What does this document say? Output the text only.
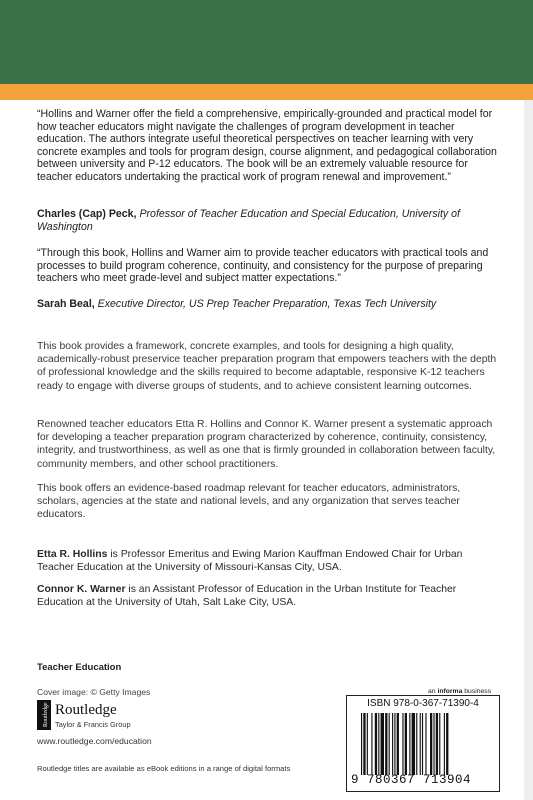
“Hollins and Warner offer the field a comprehensive, empirically-grounded and practical model for how teacher educators might navigate the challenges of program development in teacher education. The authors integrate useful theoretical perspectives on teacher learning with very concrete examples and tools for program design, course alignment, and pedagogical collaboration between university and P-12 educators. The book will be an extremely valuable resource for teacher educators undertaking the practical work of program renewal and improvement.”

Charles (Cap) Peck, Professor of Teacher Education and Special Education, University of Washington

“Through this book, Hollins and Warner aim to provide teacher educators with practical tools and processes to build program coherence, continuity, and consistency for the purpose of preparing teachers who meet grade-level and subject matter expectations.”

Sarah Beal, Executive Director, US Prep Teacher Preparation, Texas Tech University

This book provides a framework, concrete examples, and tools for designing a high quality, academically-robust preservice teacher preparation program that empowers teachers with the depth of professional knowledge and the skills required to become adaptable, responsive K-12 teachers ready to engage with diverse groups of students, and to achieve consistent learning outcomes.

Renowned teacher educators Etta R. Hollins and Connor K. Warner present a systematic approach for developing a teacher preparation program characterized by coherence, continuity, consistency, integrity, and trustworthiness, as well as one that is firmly grounded in collaboration between faculty, community members, and other school practitioners.

This book offers an evidence-based roadmap relevant for teacher educators, administrators, scholars, agencies at the state and national levels, and any organization that serves teacher educators.

Etta R. Hollins is Professor Emeritus and Ewing Marion Kauffman Endowed Chair for Urban Teacher Education at the University of Missouri-Kansas City, USA.

Connor K. Warner is an Assistant Professor of Education in the Urban Institute for Teacher Education at the University of Utah, Salt Lake City, USA.

Teacher Education
Cover image: © Getty Images
Routledge Routledge
Taylor & Francis Group
www.routledge.com/education
Routledge titles are available as eBook editions in a range of digital formats
an informa business
ISBN 978-0-367-71390-4
9 780367 713904
